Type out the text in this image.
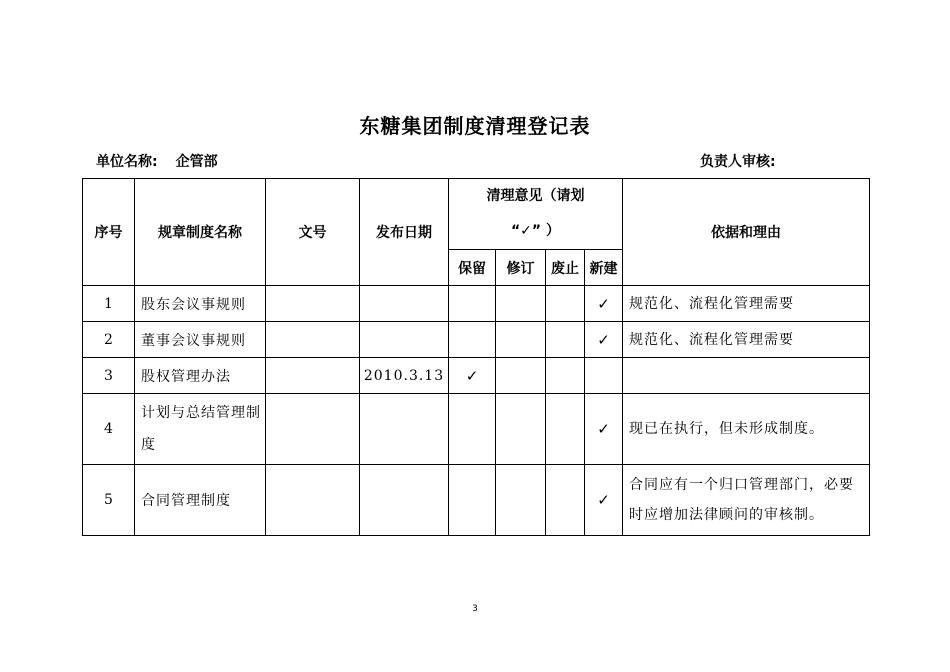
东糖集团制度清理登记表
单位名称: 企管部	负责人审核:
序号	规章制度名称	文号	发布日期	清理意见（请划
“✓” ）				依据和理由
				保留	修订	废止	新建	
1	股东会议事规则						✓	规范化、流程化管理需要
2	董事会议事规则						✓	规范化、流程化管理需要
3	股权管理办法		2010.3.13	✓				
4	计划与总结管理制度						✓	现已在执行，但未形成制度。
5	合同管理制度						✓	合同应有一个归口管理部门，必要时应增加法律顾问的审核制。
3
